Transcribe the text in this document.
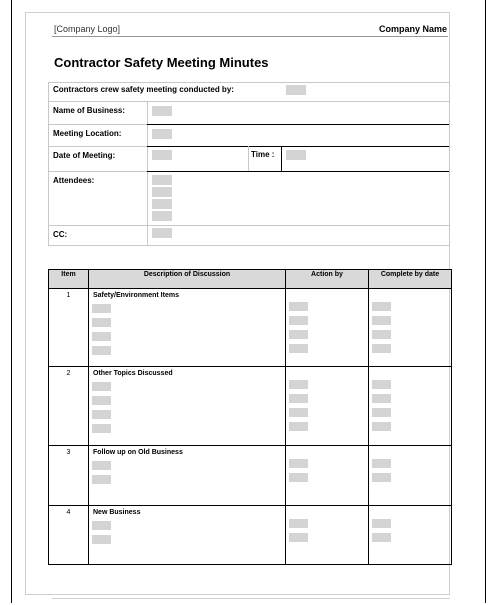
[Company Logo]	Company Name
Contractor Safety Meeting Minutes
Contractors crew safety meeting conducted by:
Name of Business:
Meeting Location:
Date of Meeting:	Time :
Attendees:
CC:
Item	Description of Discussion	Action by	Complete by date
1	Safety/Environment Items		

2	Other Topics Discussed		

3	Follow up on Old Business		

4	New Business		
